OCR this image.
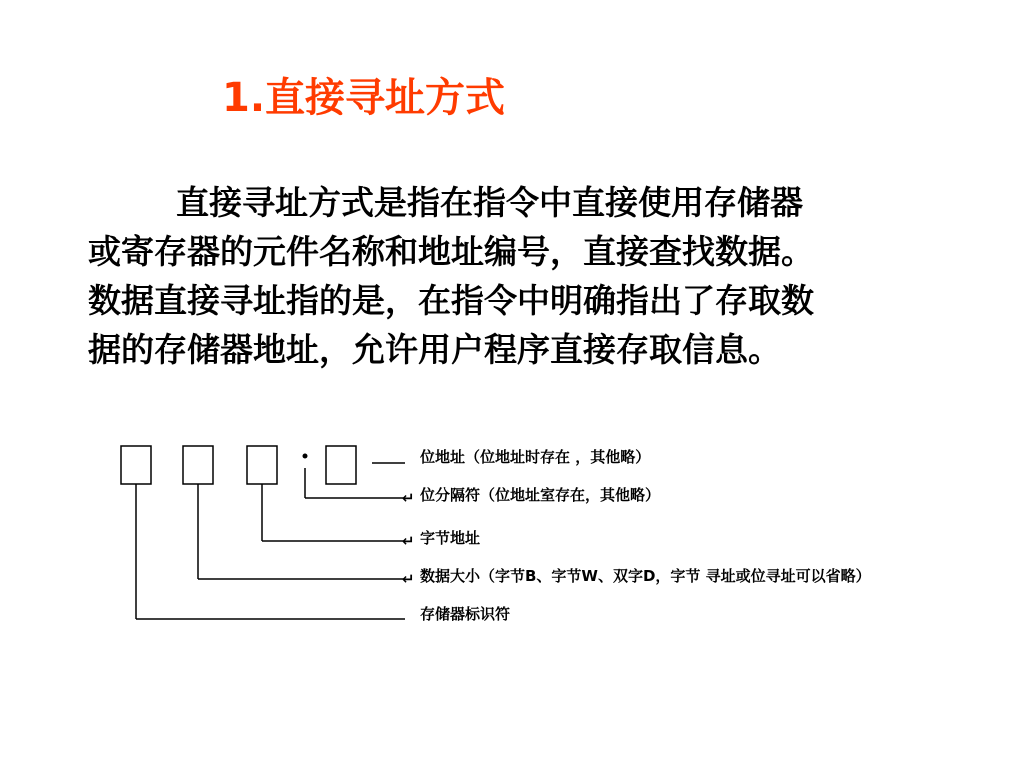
1.直接寻址方式

直接寻址方式是指在指令中直接使用存储器
或寄存器的元件名称和地址编号，直接查找数据。
数据直接寻址指的是，在指令中明确指出了存取数
据的存储器地址，允许用户程序直接存取信息。

↵
↵
↵
位地址（位地址时存在 ，其他略）
位分隔符（位地址室存在，其他略）
字节地址
数据大小（字节B、字节W、双字D，字节 寻址或位寻址可以省略）
存储器标识符
